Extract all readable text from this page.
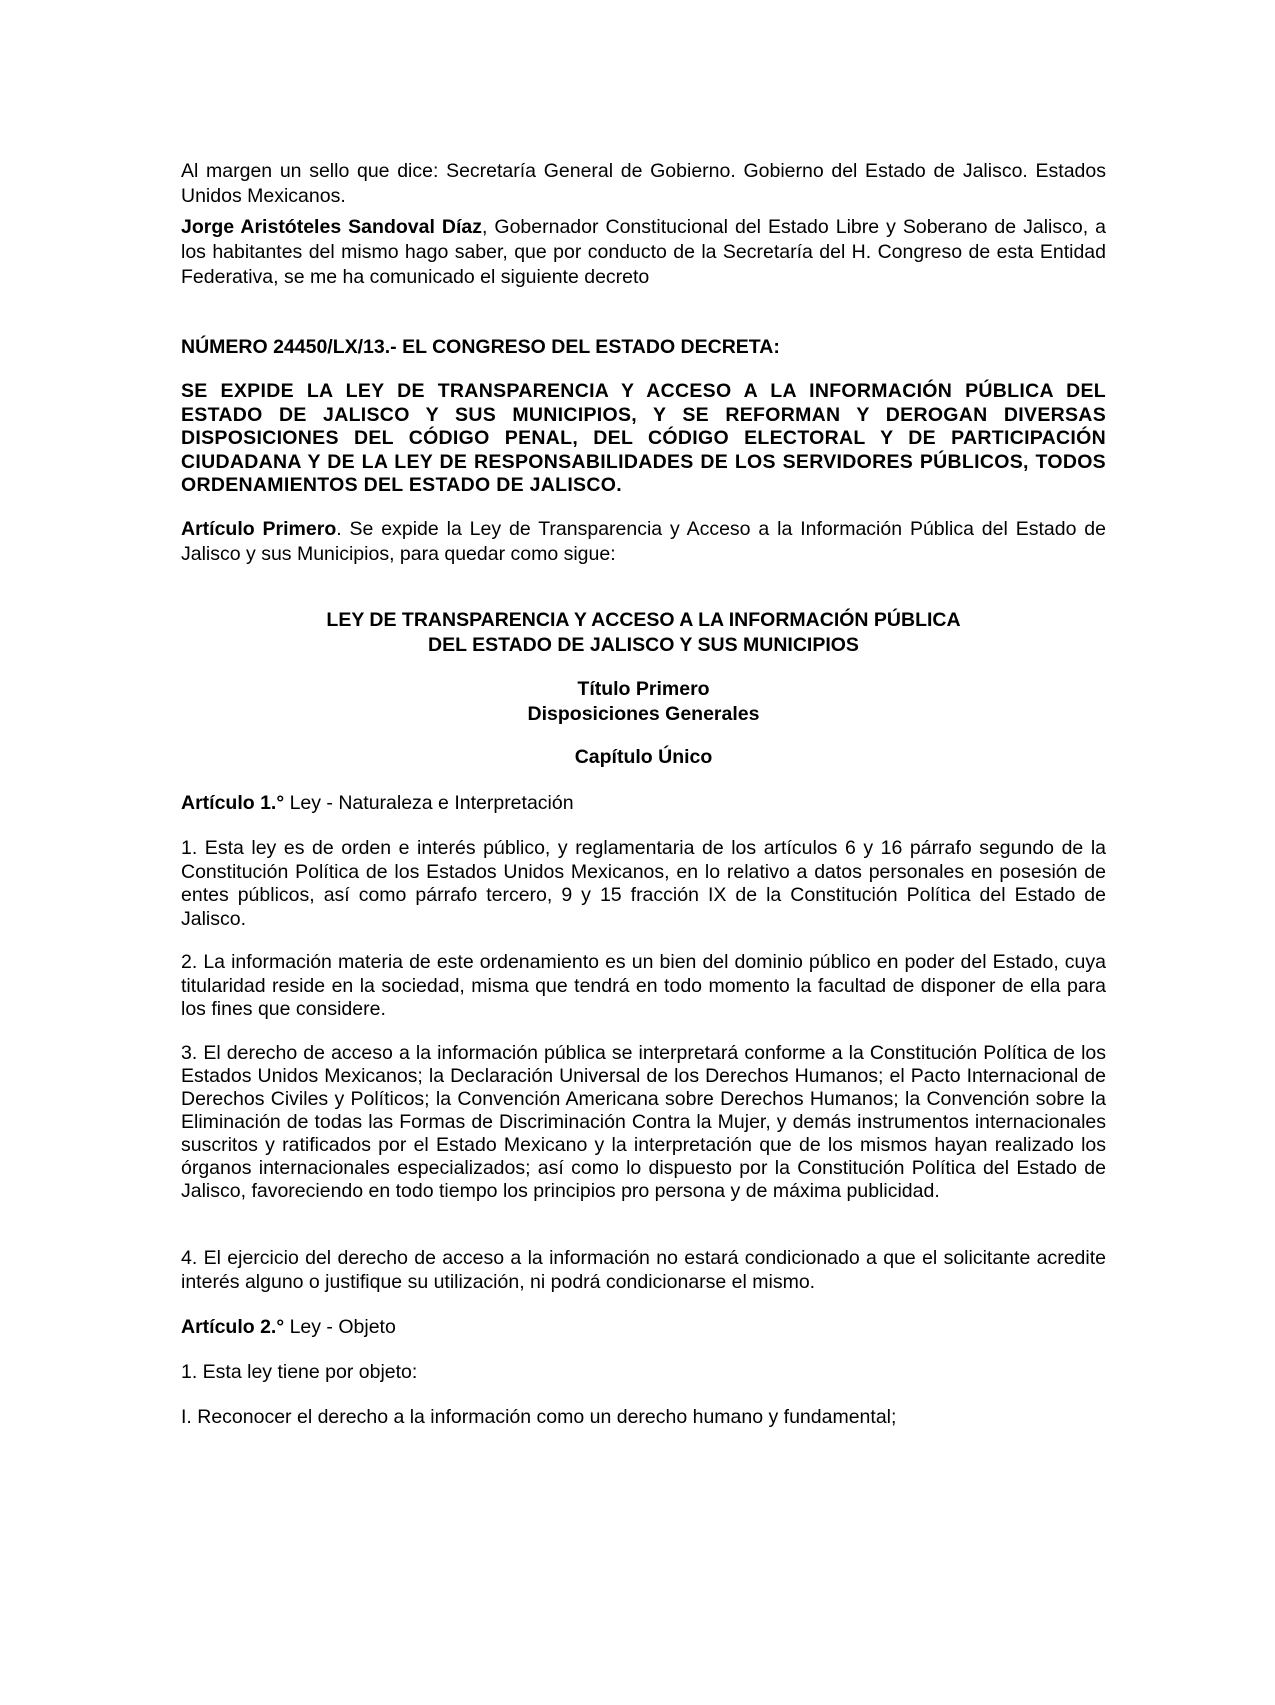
Al margen un sello que dice: Secretaría General de Gobierno. Gobierno del Estado de Jalisco. Estados Unidos Mexicanos.

Jorge Aristóteles Sandoval Díaz, Gobernador Constitucional del Estado Libre y Soberano de Jalisco, a los habitantes del mismo hago saber, que por conducto de la Secretaría del H. Congreso de esta Entidad Federativa, se me ha comunicado el siguiente decreto

NÚMERO 24450/LX/13.- EL CONGRESO DEL ESTADO DECRETA:

SE EXPIDE LA LEY DE TRANSPARENCIA Y ACCESO A LA INFORMACIÓN PÚBLICA DEL ESTADO DE JALISCO Y SUS MUNICIPIOS, Y SE REFORMAN Y DEROGAN DIVERSAS DISPOSICIONES DEL CÓDIGO PENAL, DEL CÓDIGO ELECTORAL Y DE PARTICIPACIÓN CIUDADANA Y DE LA LEY DE RESPONSABILIDADES DE LOS SERVIDORES PÚBLICOS, TODOS ORDENAMIENTOS DEL ESTADO DE JALISCO.

Artículo Primero. Se expide la Ley de Transparencia y Acceso a la Información Pública del Estado de Jalisco y sus Municipios, para quedar como sigue:

LEY DE TRANSPARENCIA Y ACCESO A LA INFORMACIÓN PÚBLICA
DEL ESTADO DE JALISCO Y SUS MUNICIPIOS
Título Primero
Disposiciones Generales
Capítulo Único

Artículo 1.° Ley - Naturaleza e Interpretación

1. Esta ley es de orden e interés público, y reglamentaria de los artículos 6 y 16 párrafo segundo de la Constitución Política de los Estados Unidos Mexicanos, en lo relativo a datos personales en posesión de entes públicos, así como párrafo tercero, 9 y 15 fracción IX de la Constitución Política del Estado de Jalisco.

2. La información materia de este ordenamiento es un bien del dominio público en poder del Estado, cuya titularidad reside en la sociedad, misma que tendrá en todo momento la facultad de disponer de ella para los fines que considere.

3. El derecho de acceso a la información pública se interpretará conforme a la Constitución Política de los Estados Unidos Mexicanos; la Declaración Universal de los Derechos Humanos; el Pacto Internacional de Derechos Civiles y Políticos; la Convención Americana sobre Derechos Humanos; la Convención sobre la Eliminación de todas las Formas de Discriminación Contra la Mujer, y demás instrumentos internacionales suscritos y ratificados por el Estado Mexicano y la interpretación que de los mismos hayan realizado los órganos internacionales especializados; así como lo dispuesto por la Constitución Política del Estado de Jalisco, favoreciendo en todo tiempo los principios pro persona y de máxima publicidad.

4. El ejercicio del derecho de acceso a la información no estará condicionado a que el solicitante acredite interés alguno o justifique su utilización, ni podrá condicionarse el mismo.

Artículo 2.° Ley - Objeto

1. Esta ley tiene por objeto:

I. Reconocer el derecho a la información como un derecho humano y fundamental;
